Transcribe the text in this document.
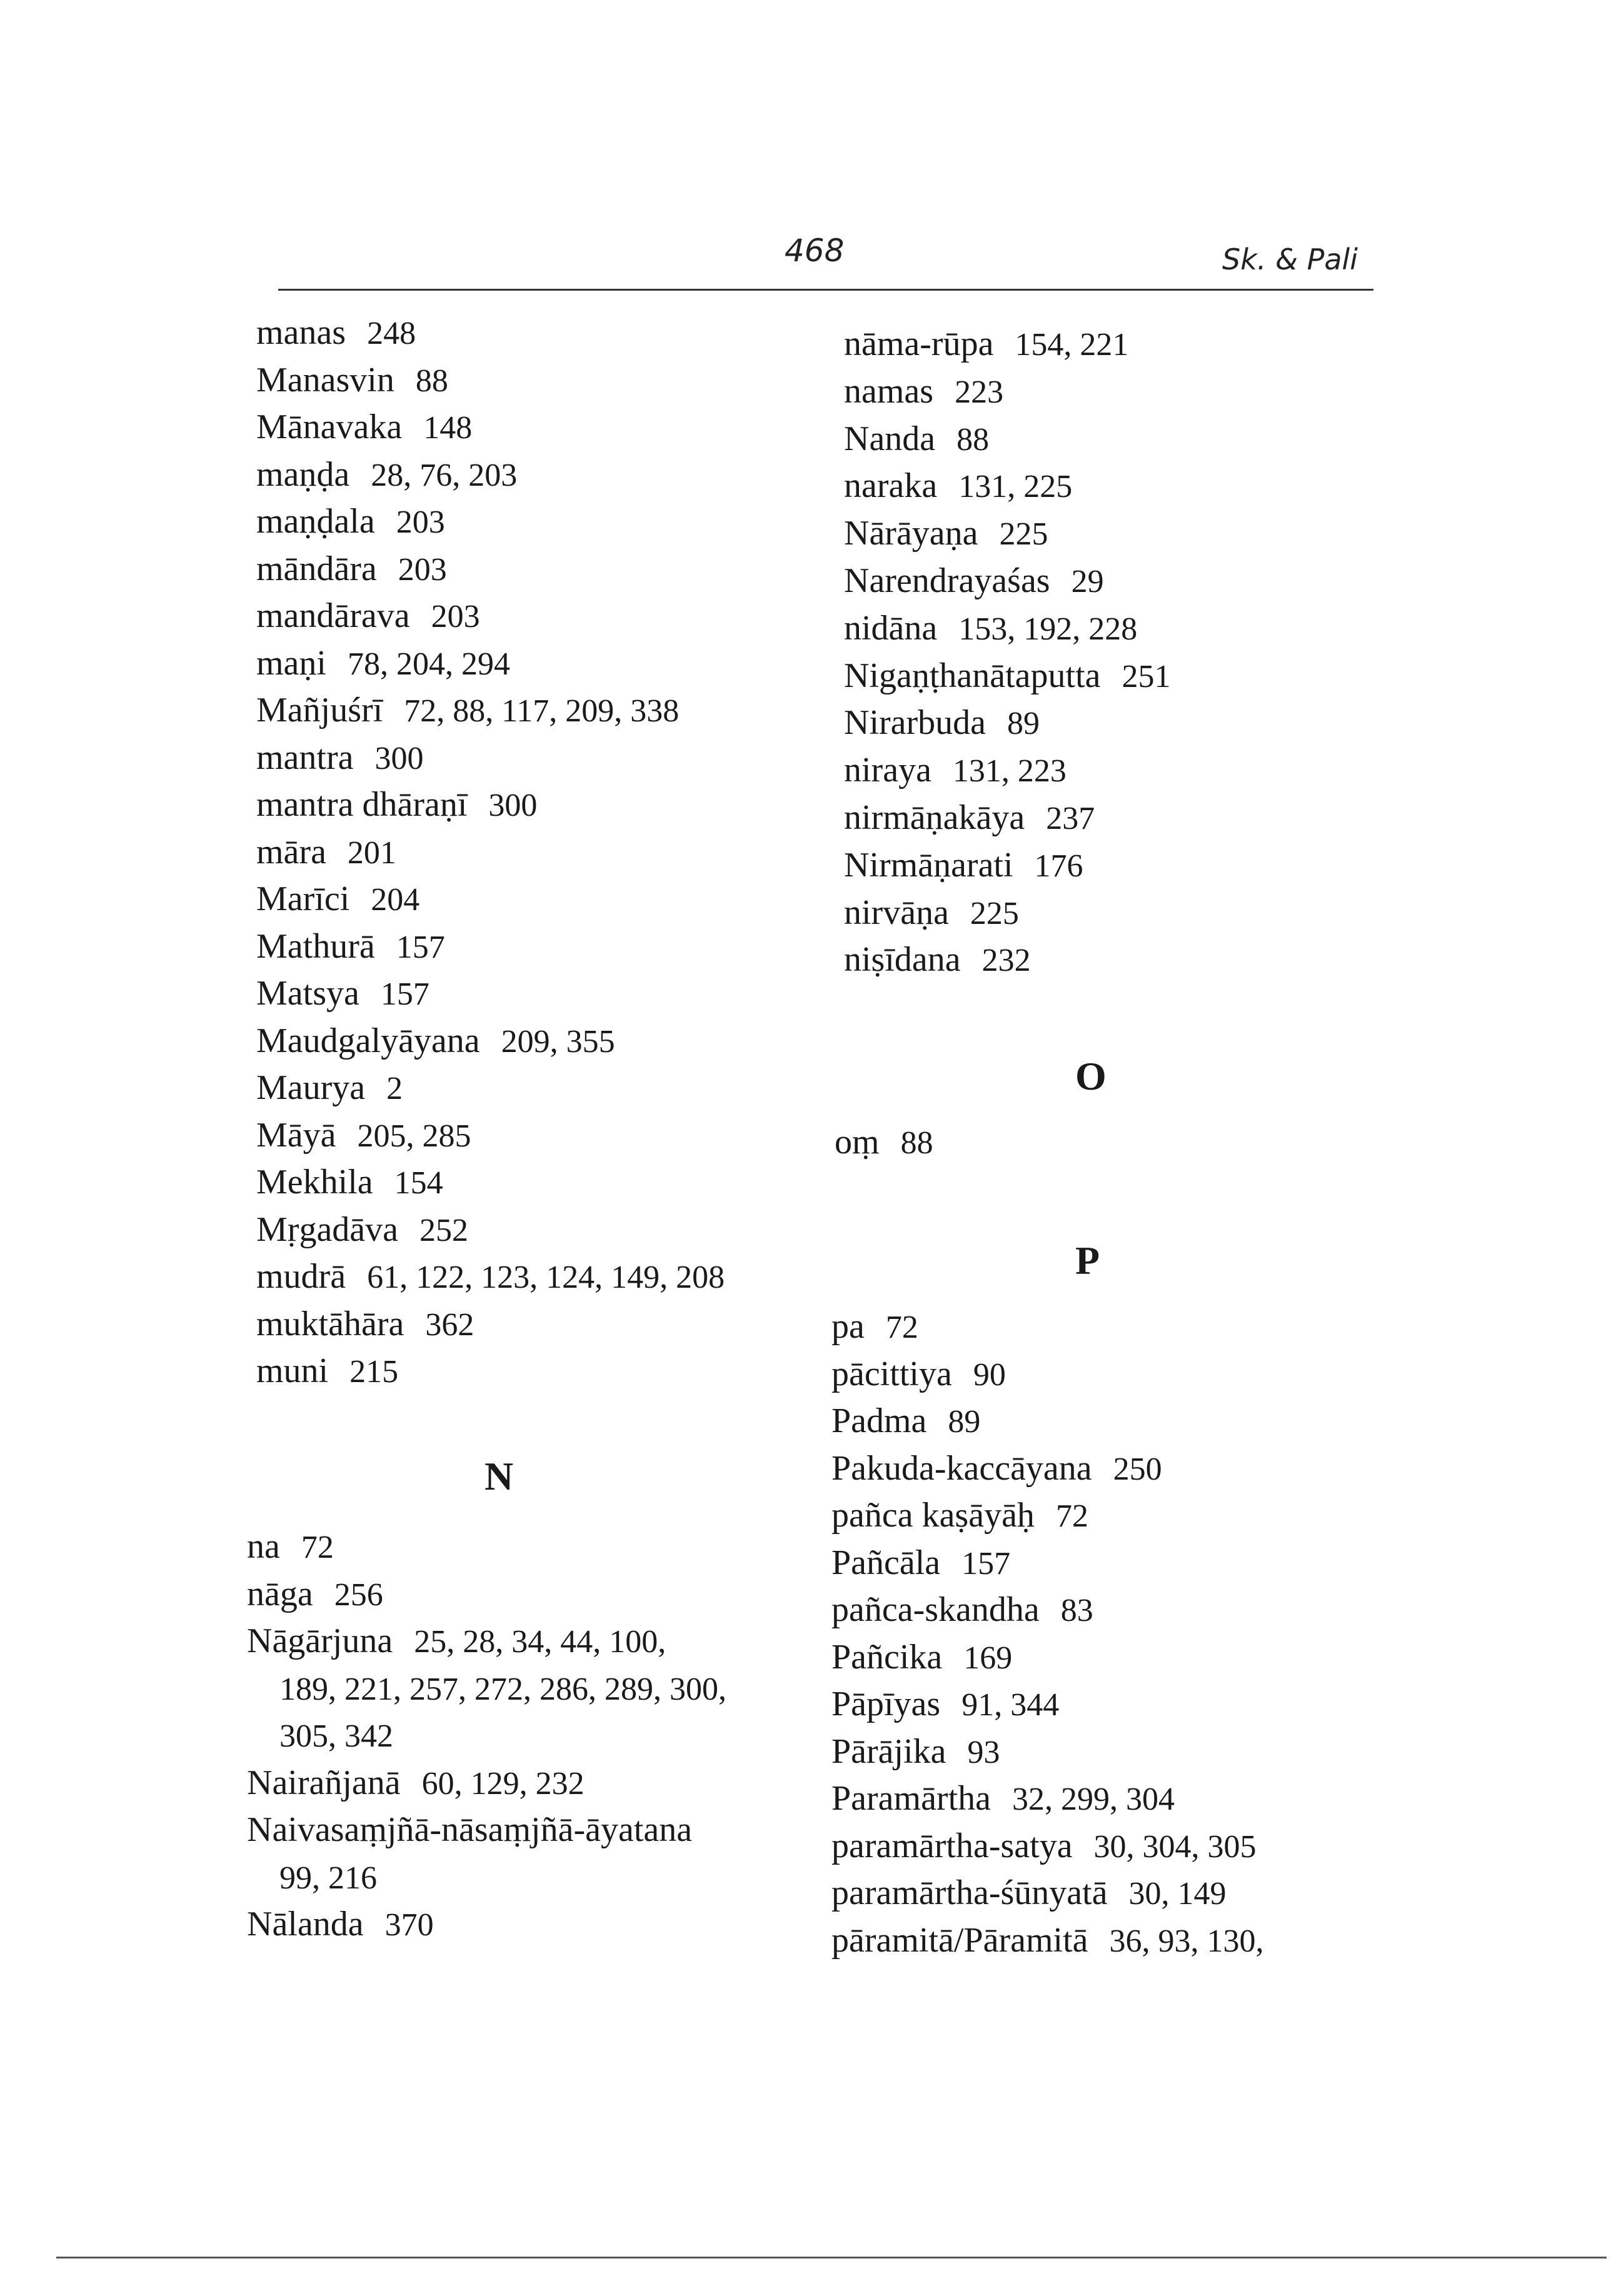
468	Sk. & Pali
manas 248
Manasvin 88
Mānavaka 148
maṇḍa 28, 76, 203
maṇḍala 203
māndāra 203
mandārava 203
maṇi 78, 204, 294
Mañjuśrī 72, 88, 117, 209, 338
mantra 300
mantra dhāraṇī 300
māra 201
Marīci 204
Mathurā 157
Matsya 157
Maudgalyāyana 209, 355
Maurya 2
Māyā 205, 285
Mekhila 154
Mṛgadāva 252
mudrā 61, 122, 123, 124, 149, 208
muktāhāra 362
muni 215
N
na 72
nāga 256
Nāgārjuna 25, 28, 34, 44, 100,
189, 221, 257, 272, 286, 289, 300,
305, 342
Nairañjanā 60, 129, 232
Naivasaṃjñā-nāsaṃjñā-āyatana
99, 216
Nālanda 370
nāma-rūpa 154, 221
namas 223
Nanda 88
naraka 131, 225
Nārāyaṇa 225
Narendrayaśas 29
nidāna 153, 192, 228
Nigaṇṭhanātaputta 251
Nirarbuda 89
niraya 131, 223
nirmāṇakāya 237
Nirmāṇarati 176
nirvāṇa 225
niṣīdana 232
O
oṃ 88
P
pa 72
pācittiya 90
Padma 89
Pakuda-kaccāyana 250
pañca kaṣāyāḥ 72
Pañcāla 157
pañca-skandha 83
Pañcika 169
Pāpīyas 91, 344
Pārājika 93
Paramārtha 32, 299, 304
paramārtha-satya 30, 304, 305
paramārtha-śūnyatā 30, 149
pāramitā/Pāramitā 36, 93, 130,
